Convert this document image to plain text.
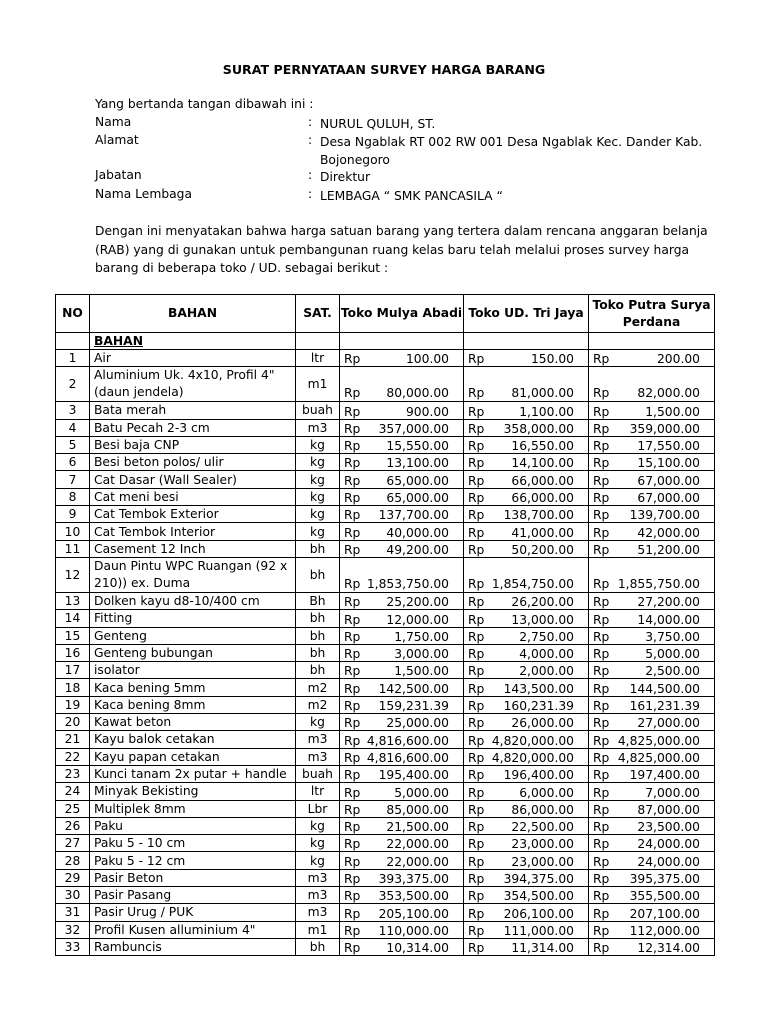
SURAT PERNYATAAN SURVEY HARGA BARANG
Yang bertanda tangan dibawah ini :
Nama	: NURUL QULUH, ST.
Alamat	: Desa Ngablak RT 002 RW 001 Desa Ngablak Kec. Dander Kab. Bojonegoro
Jabatan	: Direktur
Nama Lembaga	: LEMBAGA “ SMK PANCASILA “
Dengan ini menyatakan bahwa harga satuan barang yang tertera dalam rencana anggaran belanja (RAB) yang di gunakan untuk pembangunan ruang kelas baru telah melalui proses survey harga barang di beberapa toko / UD. sebagai berikut :
NO	BAHAN	SAT.	Toko Mulya Abadi	Toko UD. Tri Jaya	Toko Putra Surya Perdana
	BAHAN				
1	Air	ltr	Rp 100.00	Rp 150.00	Rp 200.00

2	Aluminium Uk. 4x10, Profil 4" (daun jendela)	m1	Rp 80,000.00	Rp 81,000.00	Rp 82,000.00

3	Bata merah	buah	Rp 900.00	Rp 1,100.00	Rp 1,500.00

4	Batu Pecah 2-3 cm	m3	Rp 357,000.00	Rp 358,000.00	Rp 359,000.00

5	Besi baja CNP	kg	Rp 15,550.00	Rp 16,550.00	Rp 17,550.00

6	Besi beton polos/ ulir	kg	Rp 13,100.00	Rp 14,100.00	Rp 15,100.00

7	Cat Dasar (Wall Sealer)	kg	Rp 65,000.00	Rp 66,000.00	Rp 67,000.00

8	Cat meni besi	kg	Rp 65,000.00	Rp 66,000.00	Rp 67,000.00

9	Cat Tembok Exterior	kg	Rp 137,700.00	Rp 138,700.00	Rp 139,700.00

10	Cat Tembok Interior	kg	Rp 40,000.00	Rp 41,000.00	Rp 42,000.00

11	Casement 12 Inch	bh	Rp 49,200.00	Rp 50,200.00	Rp 51,200.00

12	Daun Pintu WPC Ruangan (92 x 210)) ex. Duma	bh	Rp 1,853,750.00	Rp 1,854,750.00	Rp 1,855,750.00

13	Dolken kayu d8-10/400 cm	Bh	Rp 25,200.00	Rp 26,200.00	Rp 27,200.00

14	Fitting	bh	Rp 12,000.00	Rp 13,000.00	Rp 14,000.00

15	Genteng	bh	Rp 1,750.00	Rp 2,750.00	Rp 3,750.00

16	Genteng bubungan	bh	Rp 3,000.00	Rp 4,000.00	Rp 5,000.00

17	isolator	bh	Rp 1,500.00	Rp 2,000.00	Rp 2,500.00

18	Kaca bening 5mm	m2	Rp 142,500.00	Rp 143,500.00	Rp 144,500.00

19	Kaca bening 8mm	m2	Rp 159,231.39	Rp 160,231.39	Rp 161,231.39

20	Kawat beton	kg	Rp 25,000.00	Rp 26,000.00	Rp 27,000.00

21	Kayu balok cetakan	m3	Rp 4,816,600.00	Rp 4,820,000.00	Rp 4,825,000.00

22	Kayu papan cetakan	m3	Rp 4,816,600.00	Rp 4,820,000.00	Rp 4,825,000.00

23	Kunci tanam 2x putar + handle	buah	Rp 195,400.00	Rp 196,400.00	Rp 197,400.00

24	Minyak Bekisting	ltr	Rp 5,000.00	Rp 6,000.00	Rp 7,000.00

25	Multiplek 8mm	Lbr	Rp 85,000.00	Rp 86,000.00	Rp 87,000.00

26	Paku	kg	Rp 21,500.00	Rp 22,500.00	Rp 23,500.00

27	Paku 5 - 10 cm	kg	Rp 22,000.00	Rp 23,000.00	Rp 24,000.00

28	Paku 5 - 12 cm	kg	Rp 22,000.00	Rp 23,000.00	Rp 24,000.00

29	Pasir Beton	m3	Rp 393,375.00	Rp 394,375.00	Rp 395,375.00

30	Pasir Pasang	m3	Rp 353,500.00	Rp 354,500.00	Rp 355,500.00

31	Pasir Urug / PUK	m3	Rp 205,100.00	Rp 206,100.00	Rp 207,100.00

32	Profil Kusen alluminium 4"	m1	Rp 110,000.00	Rp 111,000.00	Rp 112,000.00

33	Rambuncis	bh	Rp 10,314.00	Rp 11,314.00	Rp 12,314.00
